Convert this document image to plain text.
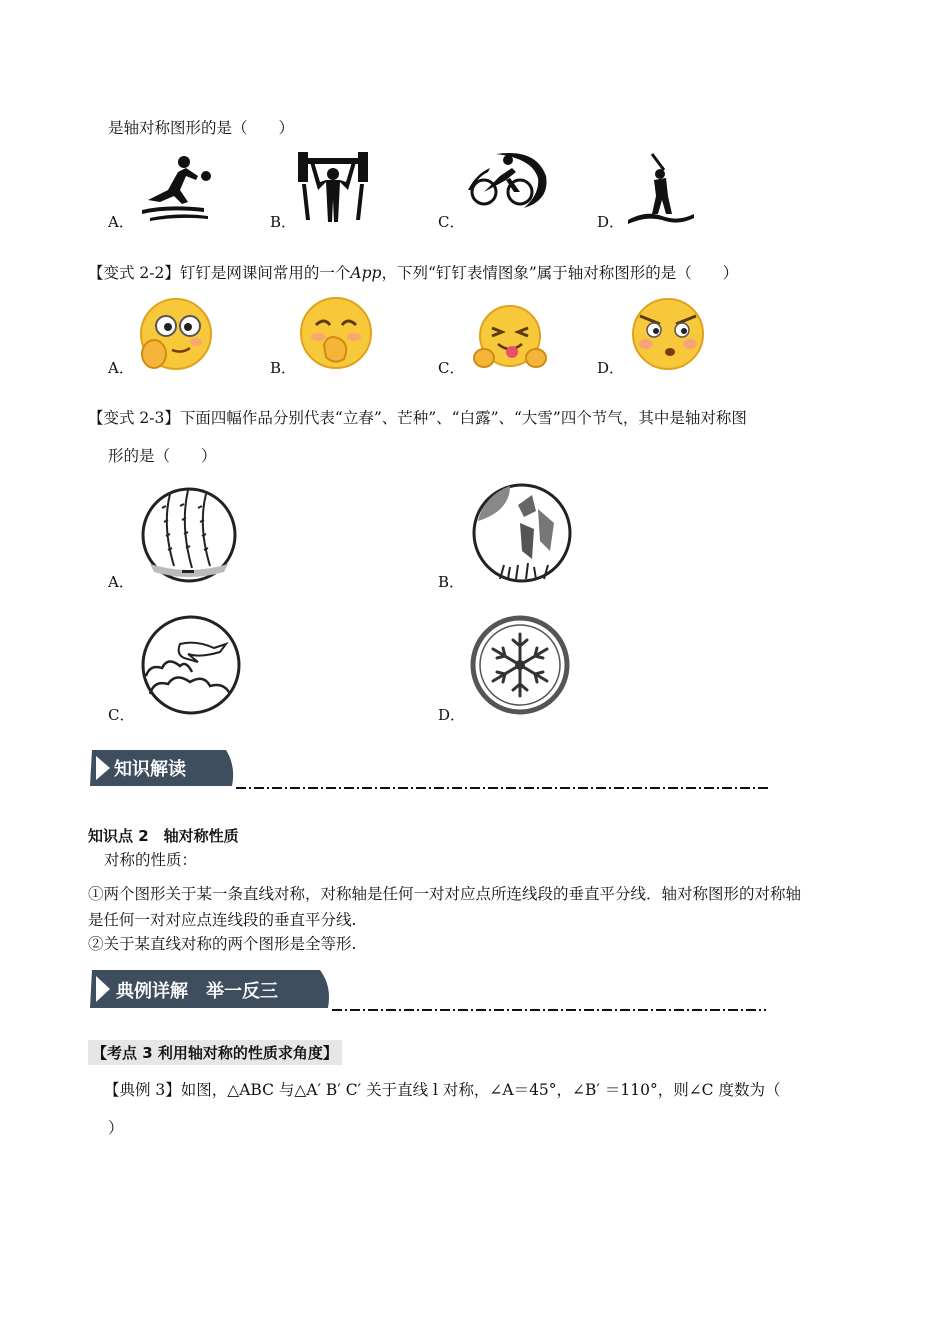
是轴对称图形的是（　　）
A．	B．	C．	D．
【变式 2-2】钉钉是网课间常用的一个App，下列“钉钉表情图象”属于轴对称图形的是（　　）
A．	B．	C．	D．
【变式 2-3】下面四幅作品分别代表“立春”、芒种”、“白露”、“大雪”四个节气，其中是轴对称图
形的是（　　）
A．	B．
C．	D．
知识解读
知识点 2　轴对称性质
对称的性质：
①两个图形关于某一条直线对称，对称轴是任何一对对应点所连线段的垂直平分线．轴对称图形的对称轴
是任何一对对应点连线段的垂直平分线.
②关于某直线对称的两个图形是全等形.
典例详解　举一反三
【考点 3 利用轴对称的性质求角度】
【典例 3】如图，△ABC 与△A′ B′ C′ 关于直线 l 对称，∠A＝45°，∠B′ ＝110°，则∠C 度数为（
）
